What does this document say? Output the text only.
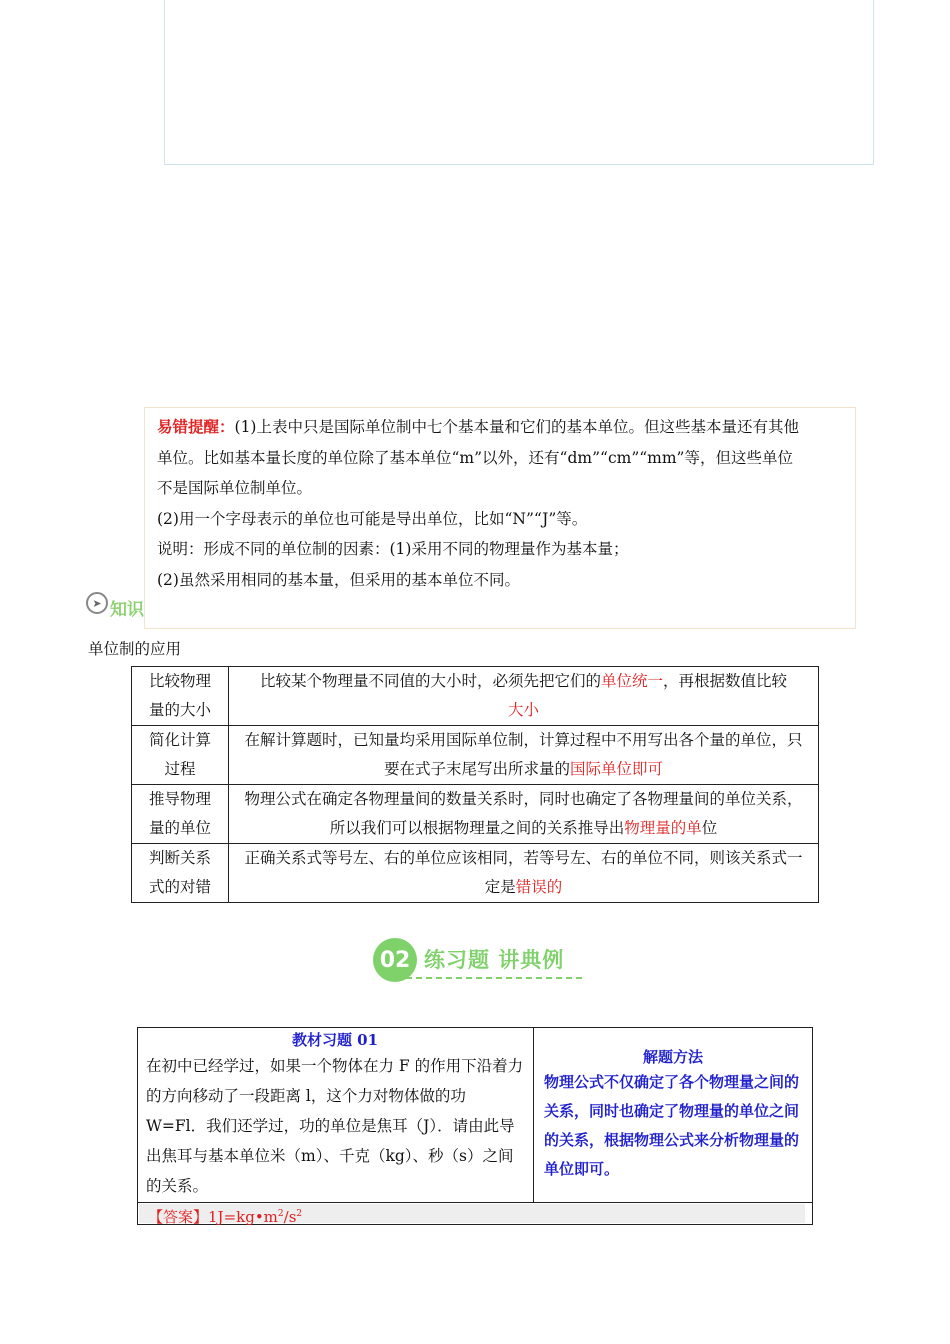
易错提醒：(1)上表中只是国际单位制中七个基本量和它们的基本单位。但这些基本量还有其他
单位。比如基本量长度的单位除了基本单位“m”以外，还有“dm”“cm”“mm”等，但这些单位
不是国际单位制单位。
(2)用一个字母表示的单位也可能是导出单位，比如“N”“J”等。
说明：形成不同的单位制的因素：(1)采用不同的物理量作为基本量；
(2)虽然采用相同的基本量，但采用的基本单位不同。
➤ 知识
单位制的应用
比较物理量的大小	比较某个物理量不同值的大小时，必须先把它们的单位统一，再根据数值比较
大小
简化计算过程	在解计算题时，已知量均采用国际单位制，计算过程中不用写出各个量的单位，只要在式子末尾写出所求量的国际单位即可
推导物理量的单位	物理公式在确定各物理量间的数量关系时，同时也确定了各物理量间的单位关系，所以我们可以根据物理量之间的关系推导出物理量的单位
判断关系式的对错	正确关系式等号左、右的单位应该相同，若等号左、右的单位不同，则该关系式一定是错误的
02 练习题 讲典例
教材习题 01
在初中已经学过，如果一个物体在力 F 的作用下沿着力的方向移动了一段距离 l，这个力对物体做的功 W=Fl．我们还学过，功的单位是焦耳（J）．请由此导出焦耳与基本单位米（m）、千克（kg）、秒（s）之间的关系。
解题方法
物理公式不仅确定了各个物理量之间的关系，同时也确定了物理量的单位之间的关系，根据物理公式来分析物理量的单位即可。
【答案】$1J=kg•m^2/s^2$
